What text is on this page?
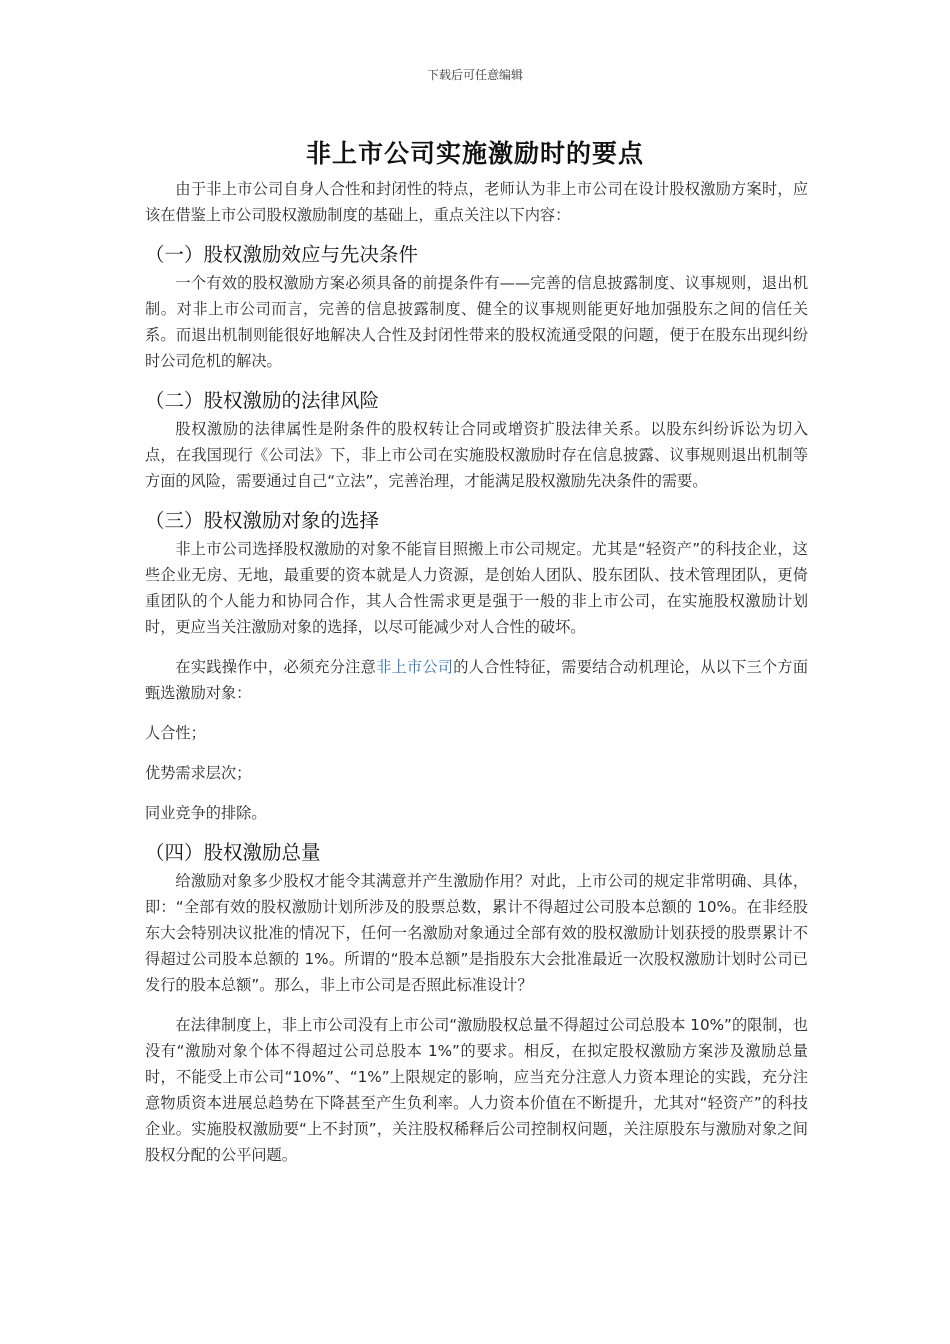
下载后可任意编辑
非上市公司实施激励时的要点

由于非上市公司自身人合性和封闭性的特点，老师认为非上市公司在设计股权激励方案时，应该在借鉴上市公司股权激励制度的基础上，重点关注以下内容：

（一）股权激励效应与先决条件

一个有效的股权激励方案必须具备的前提条件有——完善的信息披露制度、议事规则，退出机制。对非上市公司而言，完善的信息披露制度、健全的议事规则能更好地加强股东之间的信任关系。而退出机制则能很好地解决人合性及封闭性带来的股权流通受限的问题，便于在股东出现纠纷时公司危机的解决。

（二）股权激励的法律风险

股权激励的法律属性是附条件的股权转让合同或增资扩股法律关系。以股东纠纷诉讼为切入点，在我国现行《公司法》下，非上市公司在实施股权激励时存在信息披露、议事规则退出机制等方面的风险，需要通过自己“立法”，完善治理，才能满足股权激励先决条件的需要。

（三）股权激励对象的选择

非上市公司选择股权激励的对象不能盲目照搬上市公司规定。尤其是“轻资产”的科技企业，这些企业无房、无地，最重要的资本就是人力资源，是创始人团队、股东团队、技术管理团队，更倚重团队的个人能力和协同合作，其人合性需求更是强于一般的非上市公司，在实施股权激励计划时，更应当关注激励对象的选择，以尽可能减少对人合性的破坏。

在实践操作中，必须充分注意非上市公司的人合性特征，需要结合动机理论，从以下三个方面甄选激励对象：

人合性；

优势需求层次；

同业竞争的排除。

（四）股权激励总量

给激励对象多少股权才能令其满意并产生激励作用？对此，上市公司的规定非常明确、具体，即：“全部有效的股权激励计划所涉及的股票总数，累计不得超过公司股本总额的 10%。在非经股东大会特别决议批准的情况下，任何一名激励对象通过全部有效的股权激励计划获授的股票累计不得超过公司股本总额的 1%。所谓的“股本总额”是指股东大会批准最近一次股权激励计划时公司已发行的股本总额”。那么，非上市公司是否照此标准设计？

在法律制度上，非上市公司没有上市公司“激励股权总量不得超过公司总股本 10%”的限制，也没有“激励对象个体不得超过公司总股本 1%”的要求。相反，在拟定股权激励方案涉及激励总量时，不能受上市公司“10%”、“1%”上限规定的影响，应当充分注意人力资本理论的实践，充分注意物质资本进展总趋势在下降甚至产生负利率。人力资本价值在不断提升，尤其对“轻资产”的科技企业。实施股权激励要“上不封顶”，关注股权稀释后公司控制权问题，关注原股东与激励对象之间股权分配的公平问题。
